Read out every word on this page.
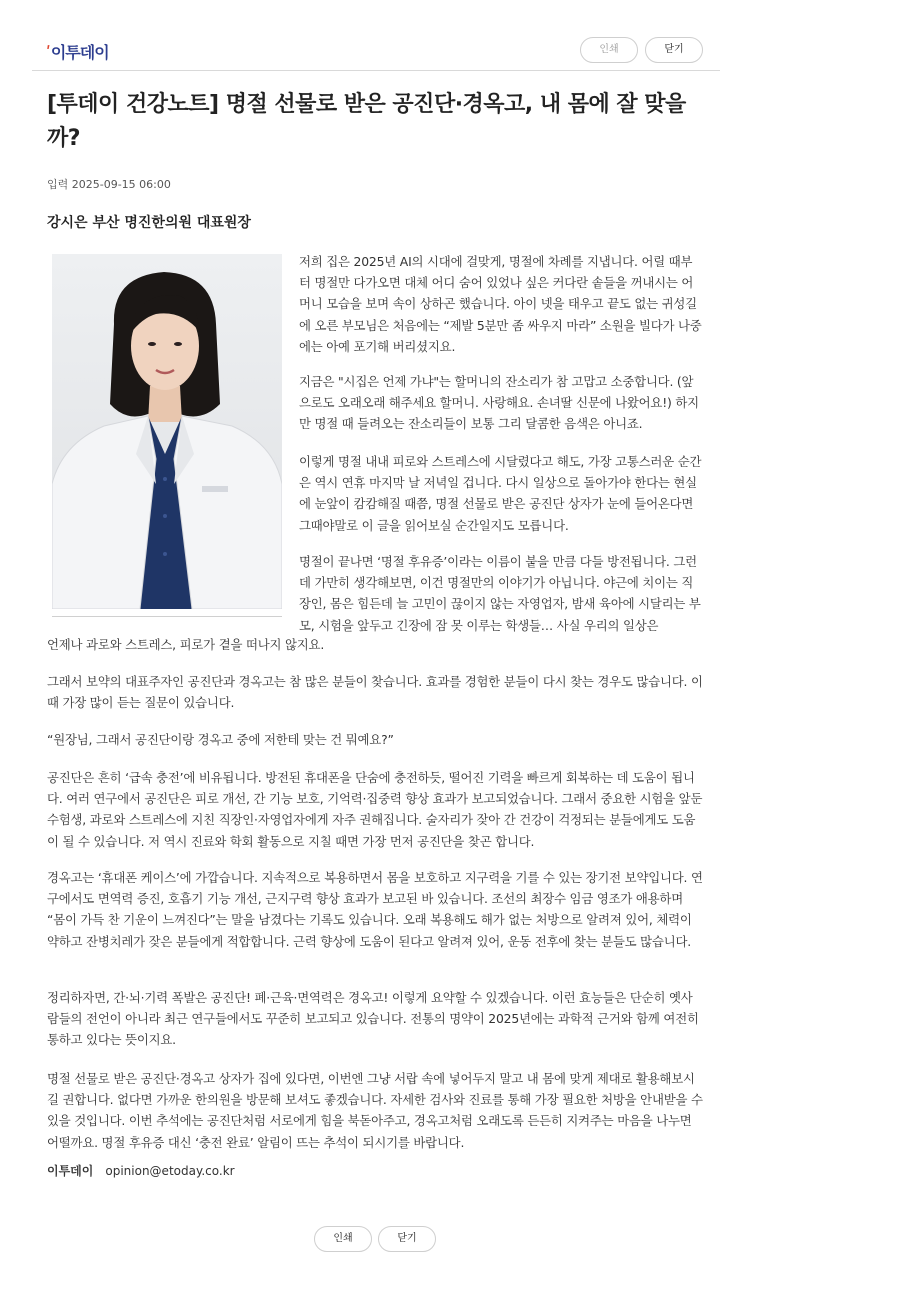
ʹ이투데이	인쇄	닫기
[투데이 건강노트] 명절 선물로 받은 공진단·경옥고, 내 몸에 잘 맞을까?
입력 2025-09-15 06:00
강시은 부산 명진한의원 대표원장

저희 집은 2025년 AI의 시대에 걸맞게, 명절에 차례를 지냅니다. 어릴 때부터 명절만 다가오면 대체 어디 숨어 있었나 싶은 커다란 솥들을 꺼내시는 어머니 모습을 보며 속이 상하곤 했습니다. 아이 넷을 태우고 끝도 없는 귀성길에 오른 부모님은 처음에는 “제발 5분만 좀 싸우지 마라” 소원을 빌다가 나중에는 아예 포기해 버리셨지요.

지금은 "시집은 언제 가냐"는 할머니의 잔소리가 참 고맙고 소중합니다. (앞으로도 오래오래 해주세요 할머니. 사랑해요. 손녀딸 신문에 나왔어요!) 하지만 명절 때 들려오는 잔소리들이 보통 그리 달콤한 음색은 아니죠.

이렇게 명절 내내 피로와 스트레스에 시달렸다고 해도, 가장 고통스러운 순간은 역시 연휴 마지막 날 저녁일 겁니다. 다시 일상으로 돌아가야 한다는 현실에 눈앞이 캄캄해질 때쯤, 명절 선물로 받은 공진단 상자가 눈에 들어온다면 그때야말로 이 글을 읽어보실 순간일지도 모릅니다.

명절이 끝나면 ‘명절 후유증’이라는 이름이 붙을 만큼 다들 방전됩니다. 그런데 가만히 생각해보면, 이건 명절만의 이야기가 아닙니다. 야근에 치이는 직장인, 몸은 힘든데 늘 고민이 끊이지 않는 자영업자, 밤새 육아에 시달리는 부모, 시험을 앞두고 긴장에 잠 못 이루는 학생들… 사실 우리의 일상은

언제나 과로와 스트레스, 피로가 곁을 떠나지 않지요.

그래서 보약의 대표주자인 공진단과 경옥고는 참 많은 분들이 찾습니다. 효과를 경험한 분들이 다시 찾는 경우도 많습니다. 이때 가장 많이 듣는 질문이 있습니다.

“원장님, 그래서 공진단이랑 경옥고 중에 저한테 맞는 건 뭐예요?”

공진단은 흔히 ‘급속 충전’에 비유됩니다. 방전된 휴대폰을 단숨에 충전하듯, 떨어진 기력을 빠르게 회복하는 데 도움이 됩니다. 여러 연구에서 공진단은 피로 개선, 간 기능 보호, 기억력·집중력 향상 효과가 보고되었습니다. 그래서 중요한 시험을 앞둔 수험생, 과로와 스트레스에 지친 직장인·자영업자에게 자주 권해집니다. 술자리가 잦아 간 건강이 걱정되는 분들에게도 도움이 될 수 있습니다. 저 역시 진료와 학회 활동으로 지칠 때면 가장 먼저 공진단을 찾곤 합니다.

경옥고는 ‘휴대폰 케이스’에 가깝습니다. 지속적으로 복용하면서 몸을 보호하고 지구력을 기를 수 있는 장기전 보약입니다. 연구에서도 면역력 증진, 호흡기 기능 개선, 근지구력 향상 효과가 보고된 바 있습니다. 조선의 최장수 임금 영조가 애용하며 “몸이 가득 찬 기운이 느껴진다”는 말을 남겼다는 기록도 있습니다. 오래 복용해도 해가 없는 처방으로 알려져 있어, 체력이 약하고 잔병치레가 잦은 분들에게 적합합니다. 근력 향상에 도움이 된다고 알려져 있어, 운동 전후에 찾는 분들도 많습니다.

정리하자면, 간·뇌·기력 폭발은 공진단! 폐·근육·면역력은 경옥고! 이렇게 요약할 수 있겠습니다. 이런 효능들은 단순히 옛사람들의 전언이 아니라 최근 연구들에서도 꾸준히 보고되고 있습니다. 전통의 명약이 2025년에는 과학적 근거와 함께 여전히 통하고 있다는 뜻이지요.

명절 선물로 받은 공진단·경옥고 상자가 집에 있다면, 이번엔 그냥 서랍 속에 넣어두지 말고 내 몸에 맞게 제대로 활용해보시길 권합니다. 없다면 가까운 한의원을 방문해 보셔도 좋겠습니다. 자세한 검사와 진료를 통해 가장 필요한 처방을 안내받을 수 있을 것입니다. 이번 추석에는 공진단처럼 서로에게 힘을 북돋아주고, 경옥고처럼 오래도록 든든히 지켜주는 마음을 나누면 어떨까요. 명절 후유증 대신 ‘충전 완료’ 알림이 뜨는 추석이 되시기를 바랍니다.

이투데이 opinion@etoday.co.kr
인쇄	닫기
